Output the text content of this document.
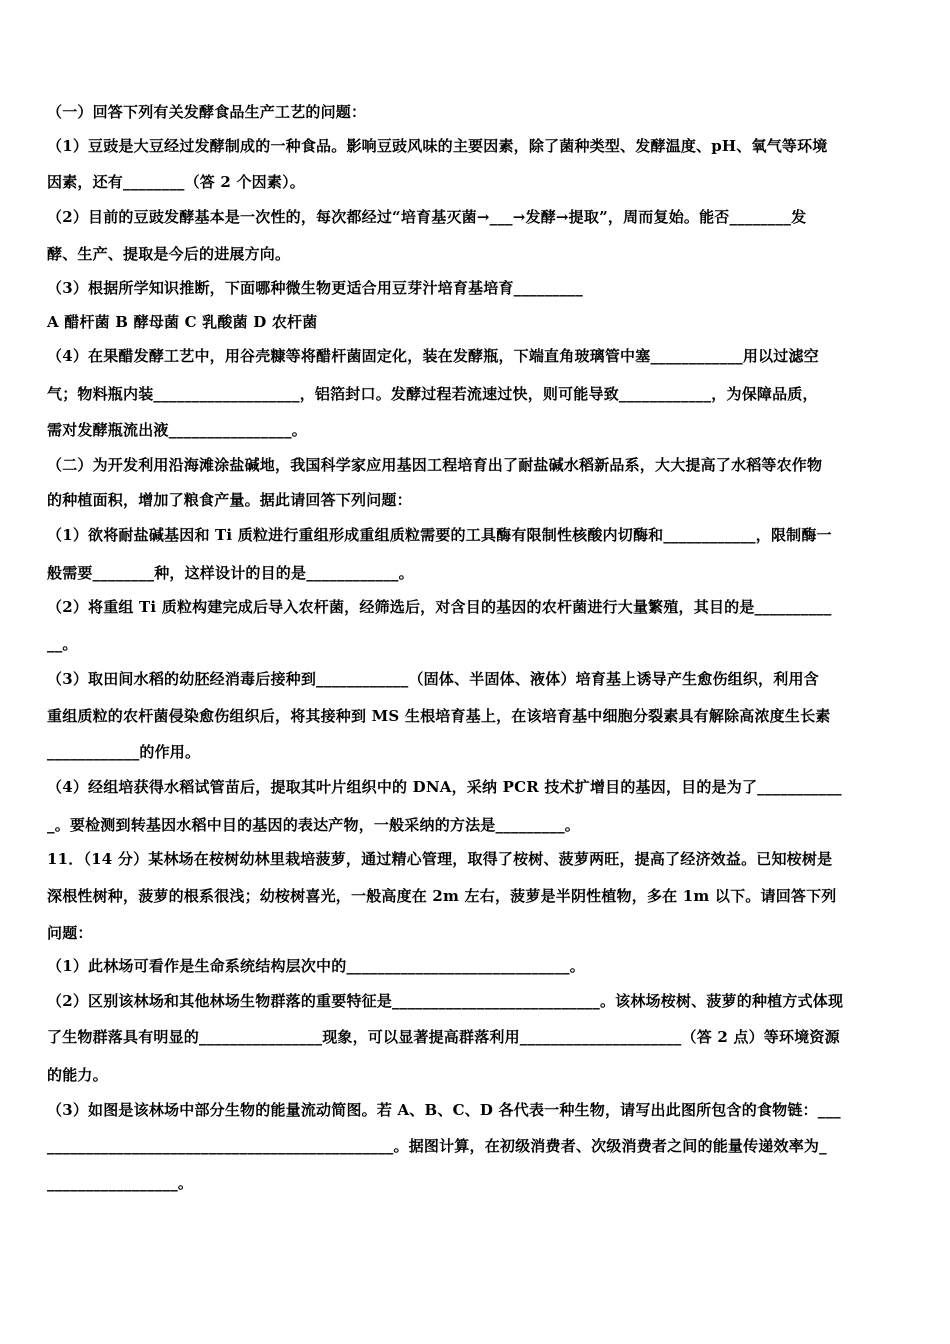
（一）回答下列有关发酵食品生产工艺的问题：
（1）豆豉是大豆经过发酵制成的一种食品。影响豆豉风味的主要因素，除了菌种类型、发酵温度、pH、氧气等环境
因素，还有________（答 2 个因素）。
（2）目前的豆豉发酵基本是一次性的，每次都经过“培育基灭菌→___→发酵→提取”，周而复始。能否________发
酵、生产、提取是今后的进展方向。
（3）根据所学知识推断，下面哪种微生物更适合用豆芽汁培育基培育_________
A 醋杆菌 B 酵母菌 C 乳酸菌 D 农杆菌
（4）在果醋发酵工艺中，用谷壳糠等将醋杆菌固定化，装在发酵瓶，下端直角玻璃管中塞____________用以过滤空
气；物料瓶内装___________________，铝箔封口。发酵过程若流速过快，则可能导致____________，为保障品质，
需对发酵瓶流出液________________。
（二）为开发利用沿海滩涂盐碱地，我国科学家应用基因工程培育出了耐盐碱水稻新品系，大大提高了水稻等农作物
的种植面积，增加了粮食产量。据此请回答下列问题：
（1）欲将耐盐碱基因和 Ti 质粒进行重组形成重组质粒需要的工具酶有限制性核酸内切酶和____________，限制酶一
般需要________种，这样设计的目的是____________。
（2）将重组 Ti 质粒构建完成后导入农杆菌，经筛选后，对含目的基因的农杆菌进行大量繁殖，其目的是__________
__。
（3）取田间水稻的幼胚经消毒后接种到____________（固体、半固体、液体）培育基上诱导产生愈伤组织，利用含
重组质粒的农杆菌侵染愈伤组织后，将其接种到 MS 生根培育基上，在该培育基中细胞分裂素具有解除高浓度生长素
____________的作用。
（4）经组培获得水稻试管苗后，提取其叶片组织中的 DNA，采纳 PCR 技术扩增目的基因，目的是为了___________
_。要检测到转基因水稻中目的基因的表达产物，一般采纳的方法是_________。
11．（14 分）某林场在桉树幼林里栽培菠萝，通过精心管理，取得了桉树、菠萝两旺，提高了经济效益。已知桉树是
深根性树种，菠萝的根系很浅；幼桉树喜光，一般高度在 2m 左右，菠萝是半阴性植物，多在 1m 以下。请回答下列
问题：
（1）此林场可看作是生命系统结构层次中的_____________________________。
（2）区别该林场和其他林场生物群落的重要特征是___________________________。该林场桉树、菠萝的种植方式体现
了生物群落具有明显的________________现象，可以显著提高群落利用_____________________（答 2 点）等环境资源
的能力。
（3）如图是该林场中部分生物的能量流动简图。若 A、B、C、D 各代表一种生物，请写出此图所包含的食物链：___
_____________________________________________。据图计算，在初级消费者、次级消费者之间的能量传递效率为_
_________________。
